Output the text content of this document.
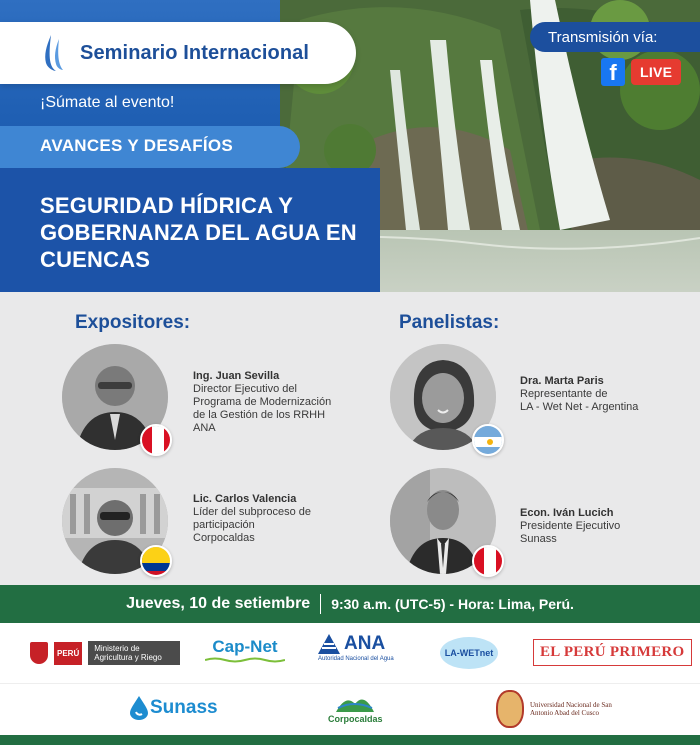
Seminario Internacional
¡Súmate al evento!
AVANCES Y DESAFÍOS
SEGURIDAD HÍDRICA Y GOBERNANZA DEL AGUA EN CUENCAS
Transmisión vía:
f	LIVE
Expositores:	Panelistas:
Ing. Juan Sevilla
Director Ejecutivo del
Programa de Modernización
de la Gestión de los RRHH
ANA
Lic. Carlos Valencia
Líder del subproceso de
participación
Corpocaldas
Dra. Marta Paris
Representante de
LA - Wet Net - Argentina
Econ. Iván Lucich
Presidente Ejecutivo
Sunass
Jueves, 10 de setiembre 9:30 a.m. (UTC-5) - Hora: Lima, Perú.
PERÚ	Ministerio de Agricultura y Riego
Cap-Net	ANA
Autoridad Nacional del Agua
LA-WETnet	EL PERÚ PRIMERO
Sunass
Corpocaldas
Universidad Nacional de San Antonio Abad del Cusco
